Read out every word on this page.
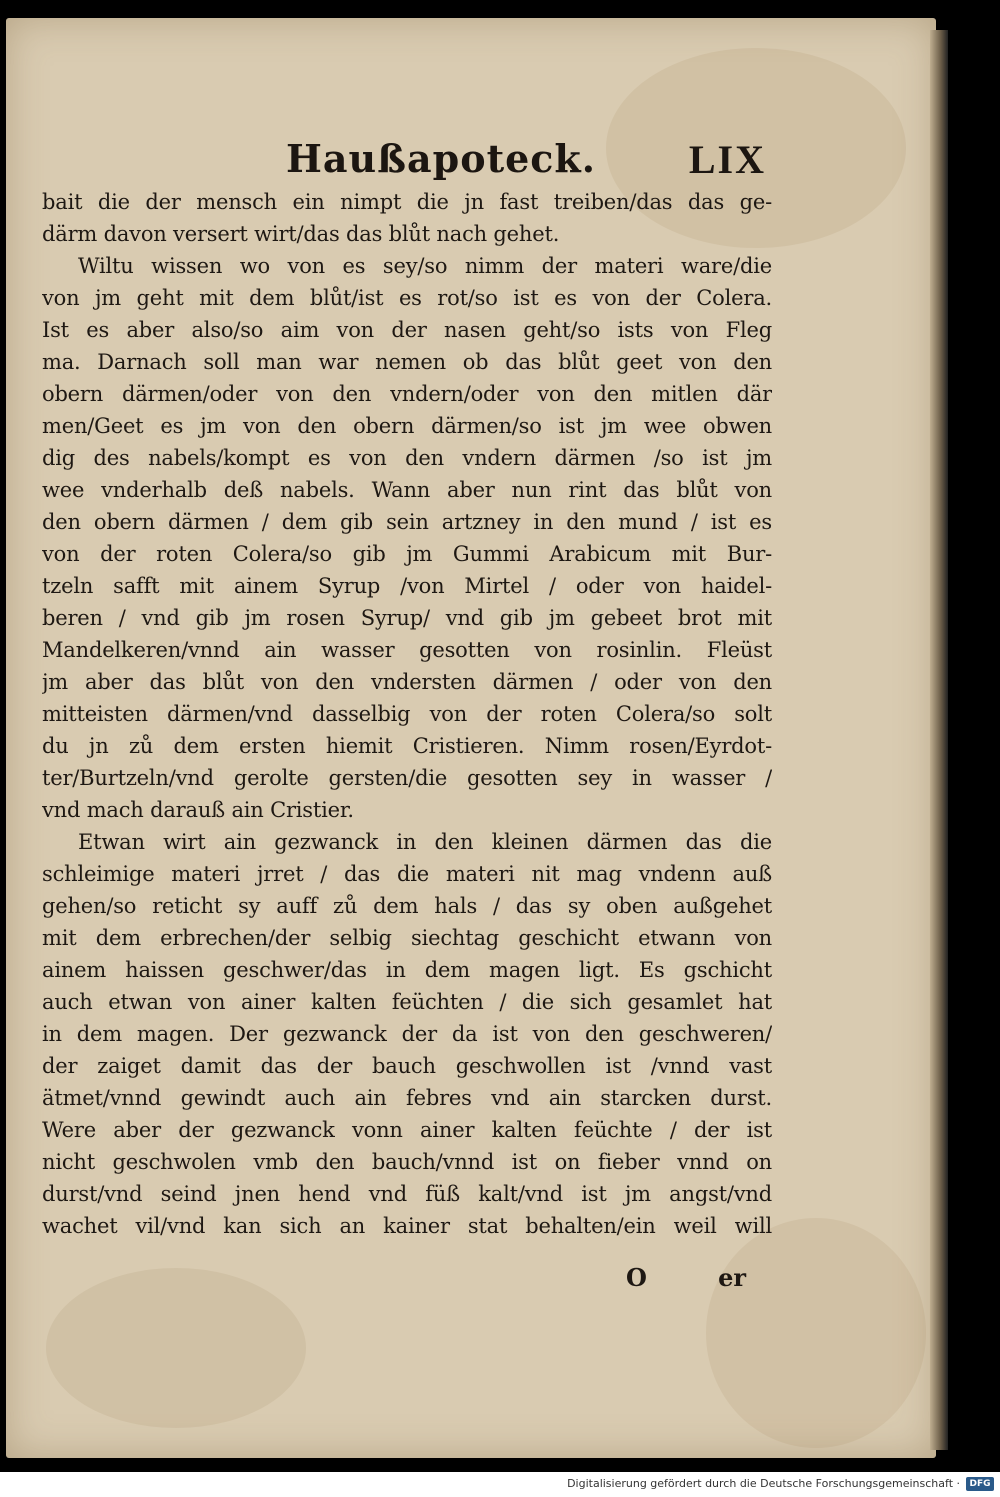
Haußapoteck. LIX
bait die der mensch ein nimpt die jn fast treiben/das das ge-
därm davon versert wirt/das das blůt nach gehet.
Wiltu wissen wo von es sey/so nimm der materi ware/die
von jm geht mit dem blůt/ist es rot/so ist es von der Colera.
Ist es aber also/so aim von der nasen geht/so ists von Fleg
ma. Darnach soll man war nemen ob das blůt geet von den
obern därmen/oder von den vndern/oder von den mitlen där
men/Geet es jm von den obern därmen/so ist jm wee obwen
dig des nabels/kompt es von den vndern därmen /so ist jm
wee vnderhalb deß nabels. Wann aber nun rint das blůt von
den obern därmen / dem gib sein artzney in den mund / ist es
von der roten Colera/so gib jm Gummi Arabicum mit Bur-
tzeln safft mit ainem Syrup /von Mirtel / oder von haidel-
beren / vnd gib jm rosen Syrup/ vnd gib jm gebeet brot mit
Mandelkeren/vnnd ain wasser gesotten von rosinlin. Fleüst
jm aber das blůt von den vndersten därmen / oder von den
mitteisten därmen/vnd dasselbig von der roten Colera/so solt
du jn zů dem ersten hiemit Cristieren. Nimm rosen/Eyrdot-
ter/Burtzeln/vnd gerolte gersten/die gesotten sey in wasser /
vnd mach darauß ain Cristier.
Etwan wirt ain gezwanck in den kleinen därmen das die
schleimige materi jrret / das die materi nit mag vndenn auß
gehen/so reticht sy auff zů dem hals / das sy oben außgehet
mit dem erbrechen/der selbig siechtag geschicht etwann von
ainem haissen geschwer/das in dem magen ligt. Es gschicht
auch etwan von ainer kalten feüchten / die sich gesamlet hat
in dem magen. Der gezwanck der da ist von den geschweren/
der zaiget damit das der bauch geschwollen ist /vnnd vast
ätmet/vnnd gewindt auch ain febres vnd ain starcken durst.
Were aber der gezwanck vonn ainer kalten feüchte / der ist
nicht geschwolen vmb den bauch/vnnd ist on fieber vnnd on
durst/vnd seind jnen hend vnd füß kalt/vnd ist jm angst/vnd
wachet vil/vnd kan sich an kainer stat behalten/ein weil will
O	er
Digitalisierung gefördert durch die Deutsche Forschungsgemeinschaft ·	DFG
